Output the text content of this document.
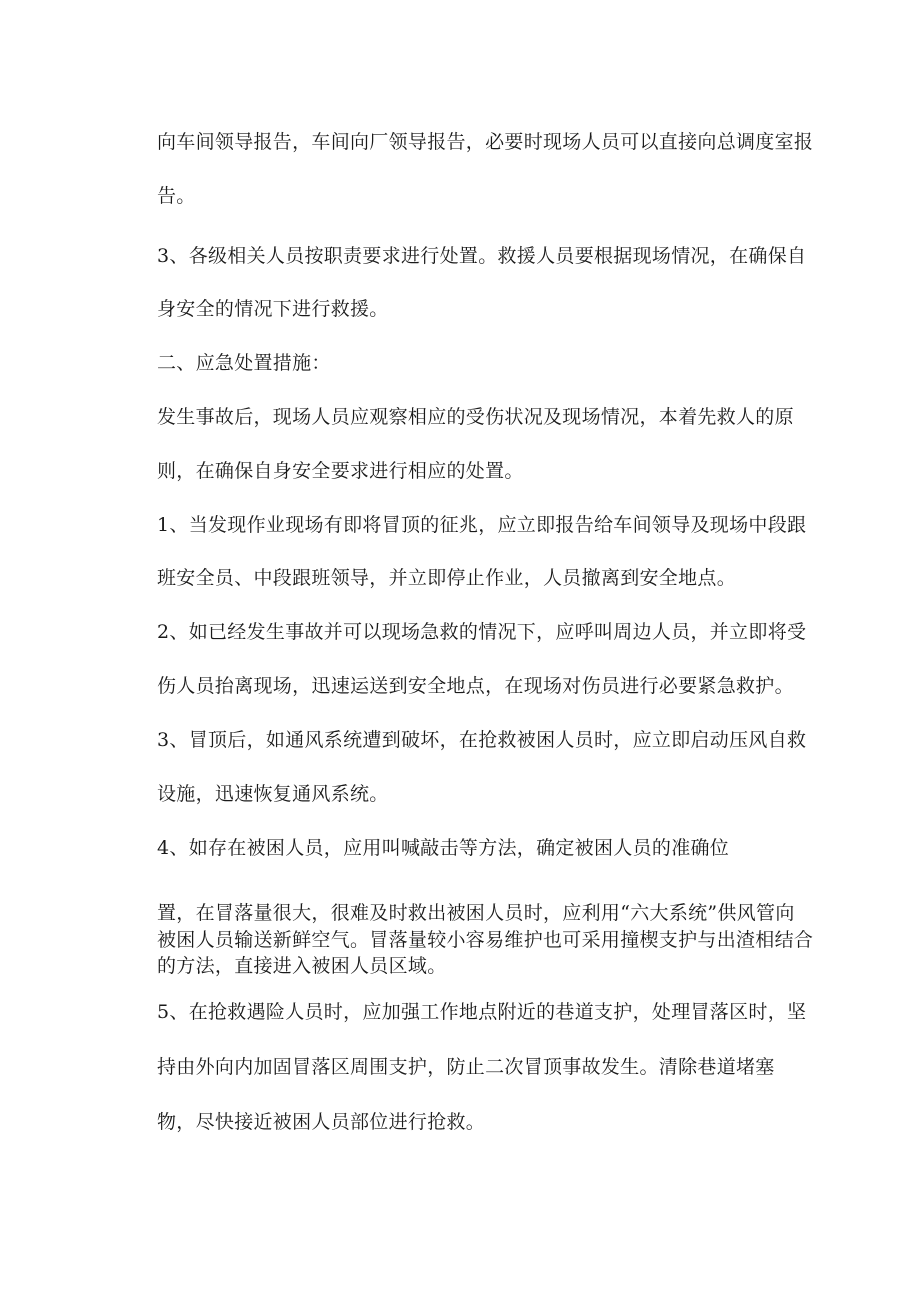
向车间领导报告，车间向厂领导报告，必要时现场人员可以直接向总调度室报
告。
3、各级相关人员按职责要求进行处置。救援人员要根据现场情况，在确保自
身安全的情况下进行救援。
二、应急处置措施：
发生事故后，现场人员应观察相应的受伤状况及现场情况，本着先救人的原
则，在确保自身安全要求进行相应的处置。
1、当发现作业现场有即将冒顶的征兆，应立即报告给车间领导及现场中段跟
班安全员、中段跟班领导，并立即停止作业，人员撤离到安全地点。
2、如已经发生事故并可以现场急救的情况下，应呼叫周边人员，并立即将受
伤人员抬离现场，迅速运送到安全地点，在现场对伤员进行必要紧急救护。
3、冒顶后，如通风系统遭到破坏，在抢救被困人员时，应立即启动压风自救
设施，迅速恢复通风系统。
4、如存在被困人员，应用叫喊敲击等方法，确定被困人员的准确位
置，在冒落量很大，很难及时救出被困人员时，应利用“六大系统”供风管向
被困人员输送新鲜空气。冒落量较小容易维护也可采用撞楔支护与出渣相结合
的方法，直接进入被困人员区域。
5、在抢救遇险人员时，应加强工作地点附近的巷道支护，处理冒落区时，坚
持由外向内加固冒落区周围支护，防止二次冒顶事故发生。清除巷道堵塞
物，尽快接近被困人员部位进行抢救。
